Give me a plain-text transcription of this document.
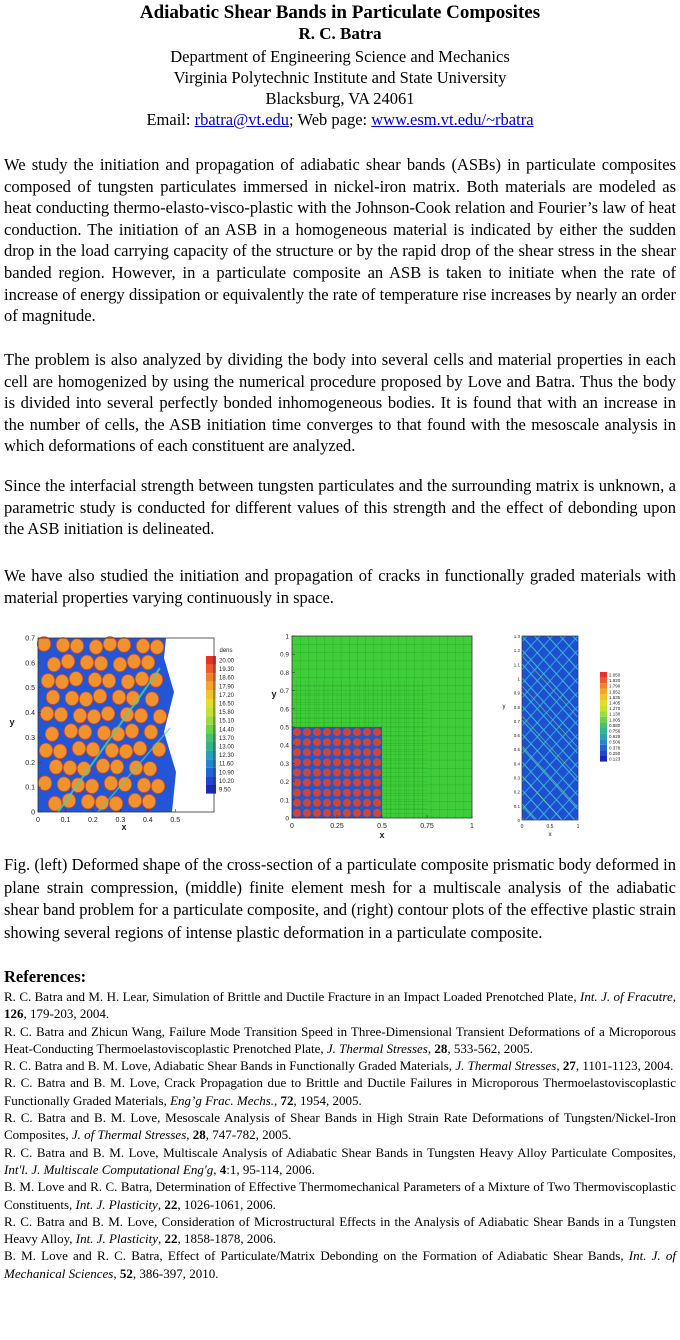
Adiabatic Shear Bands in Particulate Composites
R. C. Batra
Department of Engineering Science and Mechanics
Virginia Polytechnic Institute and State University
Blacksburg, VA 24061
Email: rbatra@vt.edu; Web page: www.esm.vt.edu/~rbatra
We study the initiation and propagation of adiabatic shear bands (ASBs) in particulate composites composed of tungsten particulates immersed in nickel-iron matrix. Both materials are modeled as heat conducting thermo-elasto-visco-plastic with the Johnson-Cook relation and Fourier’s law of heat conduction. The initiation of an ASB in a homogeneous material is indicated by either the sudden drop in the load carrying capacity of the structure or by the rapid drop of the shear stress in the shear banded region. However, in a particulate composite an ASB is taken to initiate when the rate of increase of energy dissipation or equivalently the rate of temperature rise increases by nearly an order of magnitude.
The problem is also analyzed by dividing the body into several cells and material properties in each cell are homogenized by using the numerical procedure proposed by Love and Batra. Thus the body is divided into several perfectly bonded inhomogeneous bodies. It is found that with an increase in the number of cells, the ASB initiation time converges to that found with the mesoscale analysis in which deformations of each constituent are analyzed.
Since the interfacial strength between tungsten particulates and the surrounding matrix is unknown, a parametric study is conducted for different values of this strength and the effect of debonding upon the ASB initiation is delineated.
We have also studied the initiation and propagation of cracks in functionally graded materials with material properties varying continuously in space.
dens
20.00
19.30
18.60
17.90
17.20
16.50
15.80
15.10
14.40
13.70
13.00
12.30
11.60
10.90
10.20
9.50
0	0.1	0.2	0.3	0.4	0.5
0
0.1
0.2
0.3
0.4
0.5
0.6
0.7
x
y
0	0.25	0.5	0.75	1
0
0.1
0.2
0.3
0.4
0.5
0.6
0.7
0.8
0.9
1
x
y
2.050
1.920
1.790
1.652
1.535
1.405
1.270
1.130
1.005
0.880
0.756
0.628
0.506
0.378
0.250
0.123
0	0.5	1
0
0.1
0.2
0.3
0.4
0.5
0.6
0.7
0.8
0.9
1
1.1
1.2
1.3
x
y
Fig. (left) Deformed shape of the cross-section of a particulate composite prismatic body deformed in plane strain compression, (middle) finite element mesh for a multiscale analysis of the adiabatic shear band problem for a particulate composite, and (right) contour plots of the effective plastic strain showing several regions of intense plastic deformation in a particulate composite.
References:
R. C. Batra and M. H. Lear, Simulation of Brittle and Ductile Fracture in an Impact Loaded Prenotched Plate, Int. J. of Fracutre, 126, 179-203, 2004.
R. C. Batra and Zhicun Wang, Failure Mode Transition Speed in Three-Dimensional Transient Deformations of a Microporous Heat-Conducting Thermoelastoviscoplastic Prenotched Plate, J. Thermal Stresses, 28, 533-562, 2005.
R. C. Batra and B. M. Love, Adiabatic Shear Bands in Functionally Graded Materials, J. Thermal Stresses, 27, 1101-1123, 2004.
R. C. Batra and B. M. Love, Crack Propagation due to Brittle and Ductile Failures in Microporous Thermoelastoviscoplastic Functionally Graded Materials, Eng’g Frac. Mechs., 72, 1954, 2005.
R. C. Batra and B. M. Love, Mesoscale Analysis of Shear Bands in High Strain Rate Deformations of Tungsten/Nickel-Iron Composites, J. of Thermal Stresses, 28, 747-782, 2005.
R. C. Batra and B. M. Love, Multiscale Analysis of Adiabatic Shear Bands in Tungsten Heavy Alloy Particulate Composites, Int'l. J. Multiscale Computational Eng'g, 4:1, 95-114, 2006.
B. M. Love and R. C. Batra, Determination of Effective Thermomechanical Parameters of a Mixture of Two Thermoviscoplastic Constituents, Int. J. Plasticity, 22, 1026-1061, 2006.
R. C. Batra and B. M. Love, Consideration of Microstructural Effects in the Analysis of Adiabatic Shear Bands in a Tungsten Heavy Alloy, Int. J. Plasticity, 22, 1858-1878, 2006.
B. M. Love and R. C. Batra, Effect of Particulate/Matrix Debonding on the Formation of Adiabatic Shear Bands, Int. J. of Mechanical Sciences, 52, 386-397, 2010.
